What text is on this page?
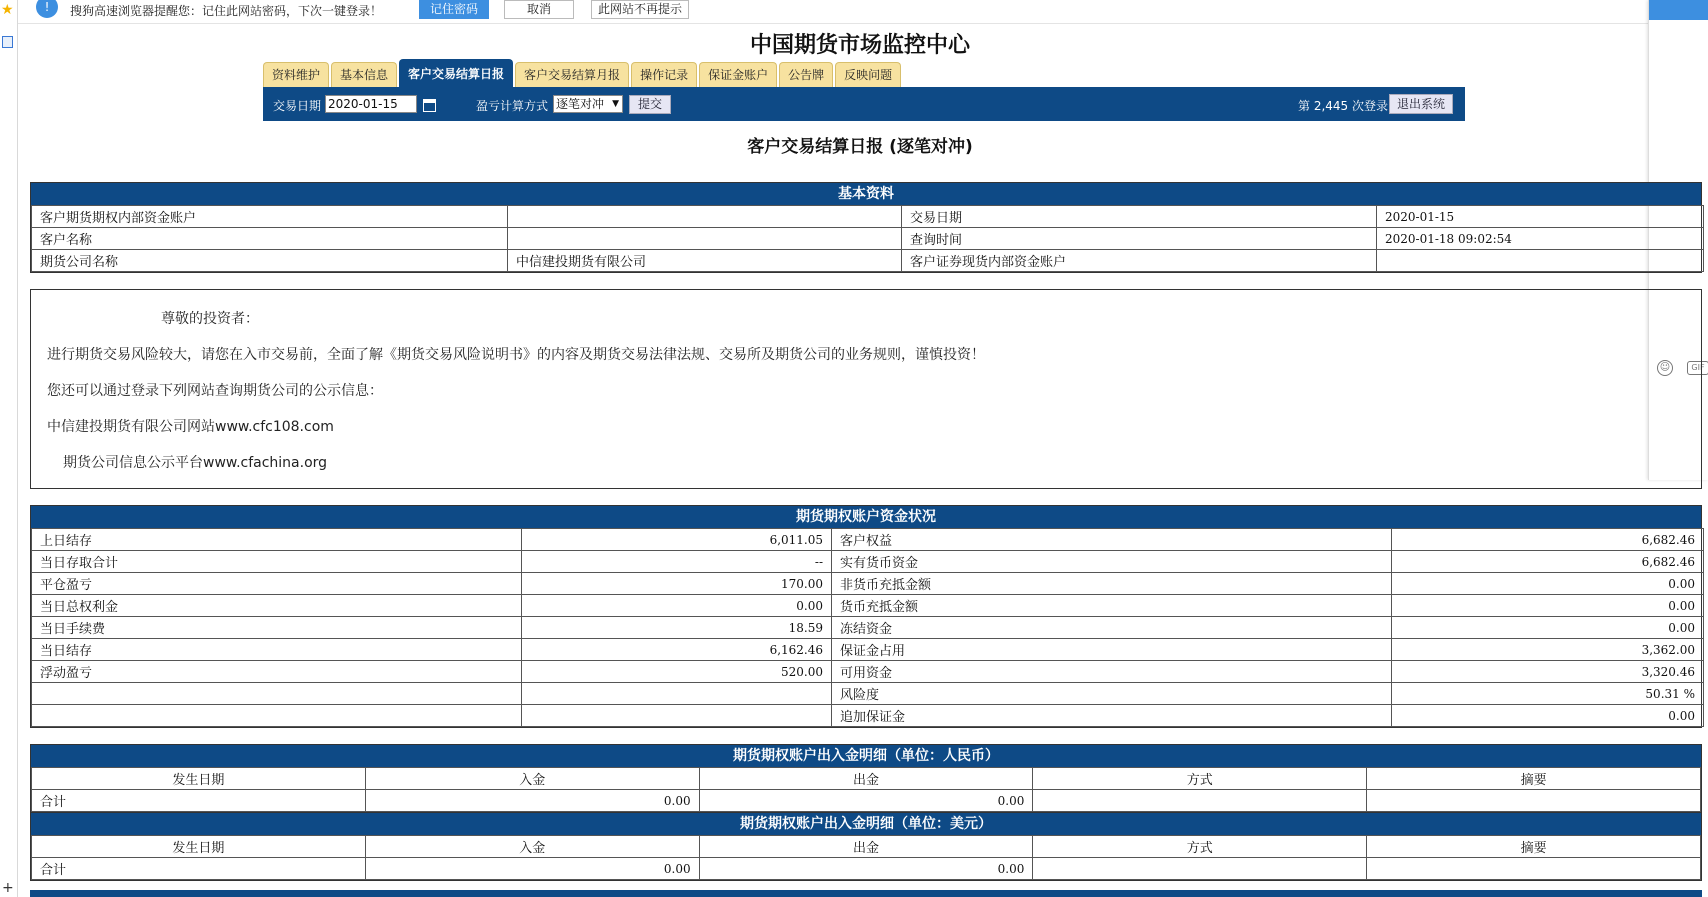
★
+
!	搜狗高速浏览器提醒您：记住此网站密码，下次一键登录！	记住密码	取消	此网站不再提示
☺	GIF
中国期货市场监控中心
资料维护	基本信息	客户交易结算日报	客户交易结算月报	操作记录	保证金账户	公告牌	反映问题
交易日期 2020-01-15	盈亏计算方式 逐笔对冲 ▼	提交	第 2,445 次登录 退出系统
客户交易结算日报 (逐笔对冲)
基本资料
客户期货期权内部资金账户		交易日期	2020-01-15
客户名称		查询时间	2020-01-18 09:02:54
期货公司名称	中信建投期货有限公司	客户证券现货内部资金账户	

尊敬的投资者：

进行期货交易风险较大，请您在入市交易前，全面了解《期货交易风险说明书》的内容及期货交易法律法规、交易所及期货公司的业务规则，谨慎投资！

您还可以通过登录下列网站查询期货公司的公示信息：

中信建投期货有限公司网站www.cfc108.com

期货公司信息公示平台www.cfachina.org

期货期权账户资金状况
上日结存	6,011.05	客户权益	6,682.46
当日存取合计	--	实有货币资金	6,682.46
平仓盈亏	170.00	非货币充抵金额	0.00
当日总权利金	0.00	货币充抵金额	0.00
当日手续费	18.59	冻结资金	0.00
当日结存	6,162.46	保证金占用	3,362.00
浮动盈亏	520.00	可用资金	3,320.46
		风险度	50.31 %
		追加保证金	0.00
期货期权账户出入金明细（单位：人民币）
发生日期	入金	出金	方式	摘要
合计	0.00	0.00		
期货期权账户出入金明细（单位：美元）
发生日期	入金	出金	方式	摘要
合计	0.00	0.00		
